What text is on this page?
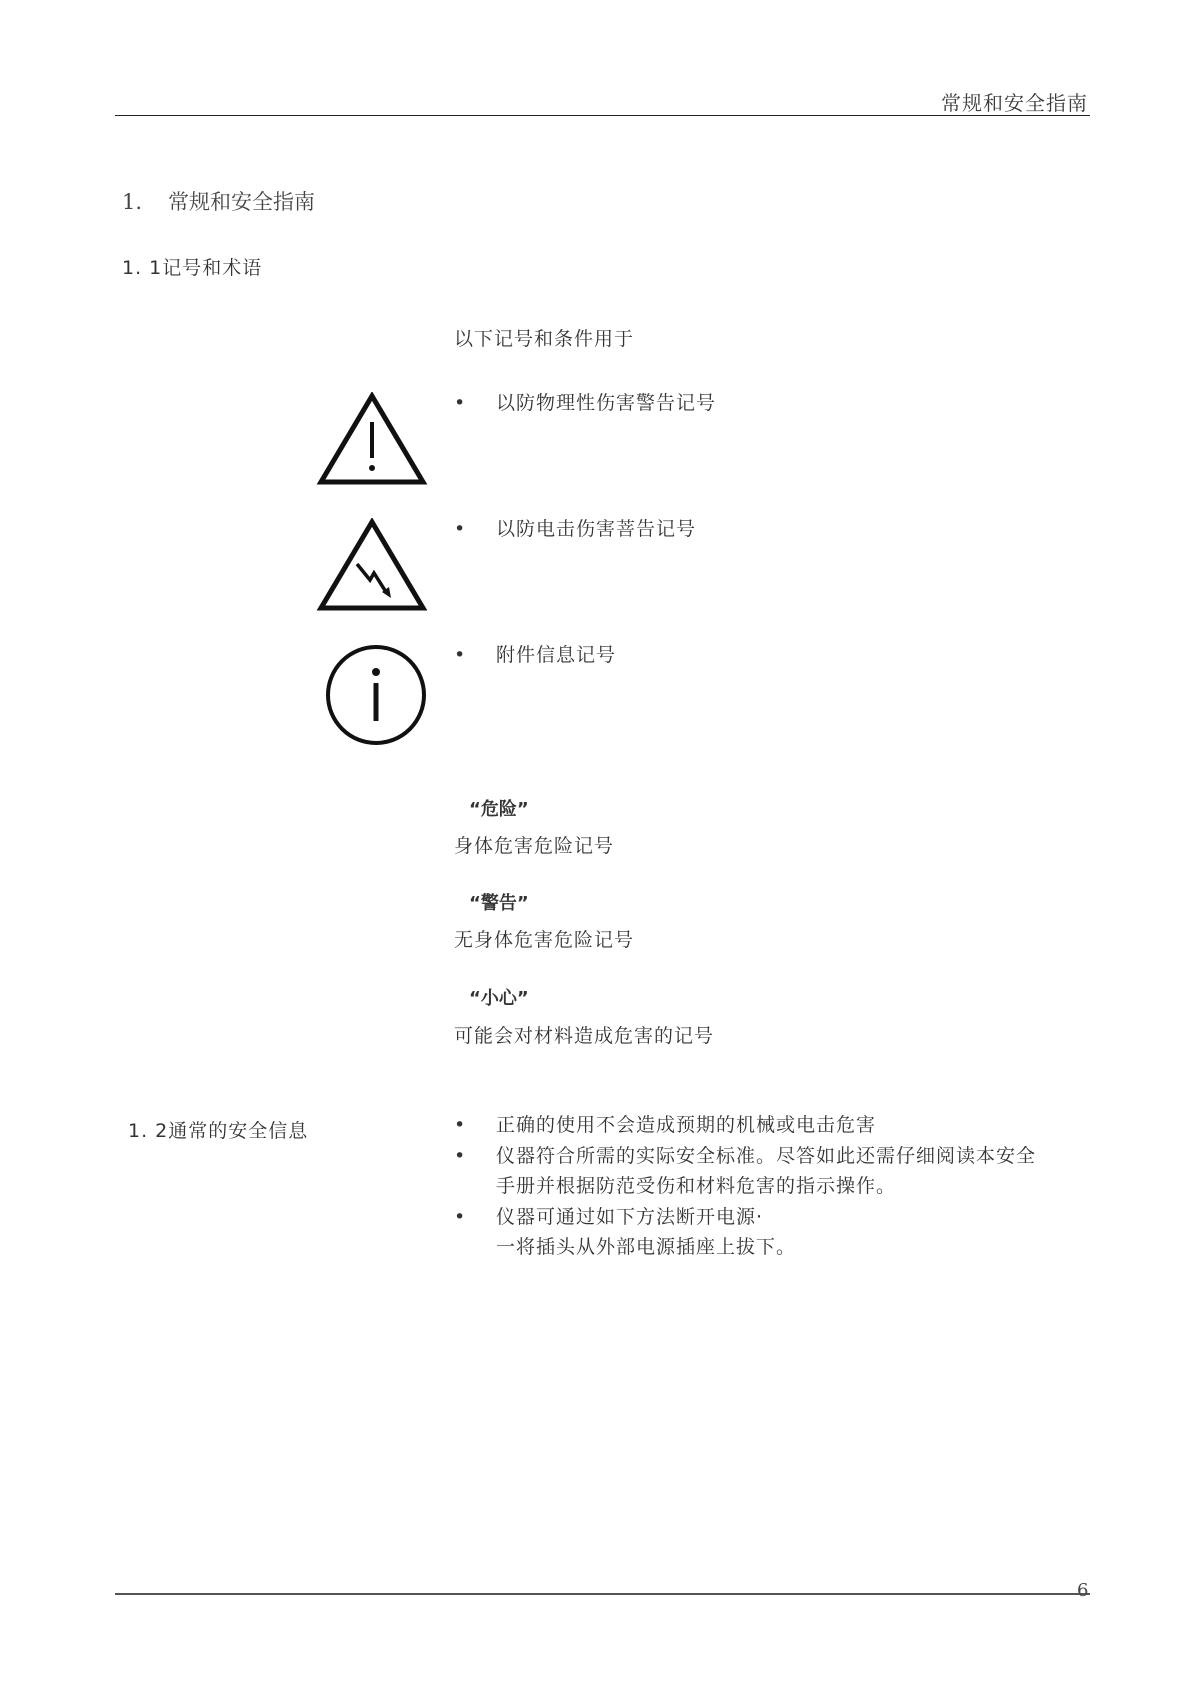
常规和安全指南
1. 常规和安全指南
1. 1记号和术语
以下记号和条件用于
• 以防物理性伤害警告记号
• 以防电击伤害菩告记号
• 附件信息记号
“危险”
身体危害危险记号
“警告”
无身体危害危险记号
“小心”
可能会对材料造成危害的记号
1. 2通常的安全信息	• 正确的使用不会造成预期的机械或电击危害
• 仪器符合所需的实际安全标准。尽答如此还需仔细阅读本安全
手册并根据防范受伤和材料危害的指示操作。
• 仪器可通过如下方法断开电源·
一将插头从外部电源插座上拔下。
6
